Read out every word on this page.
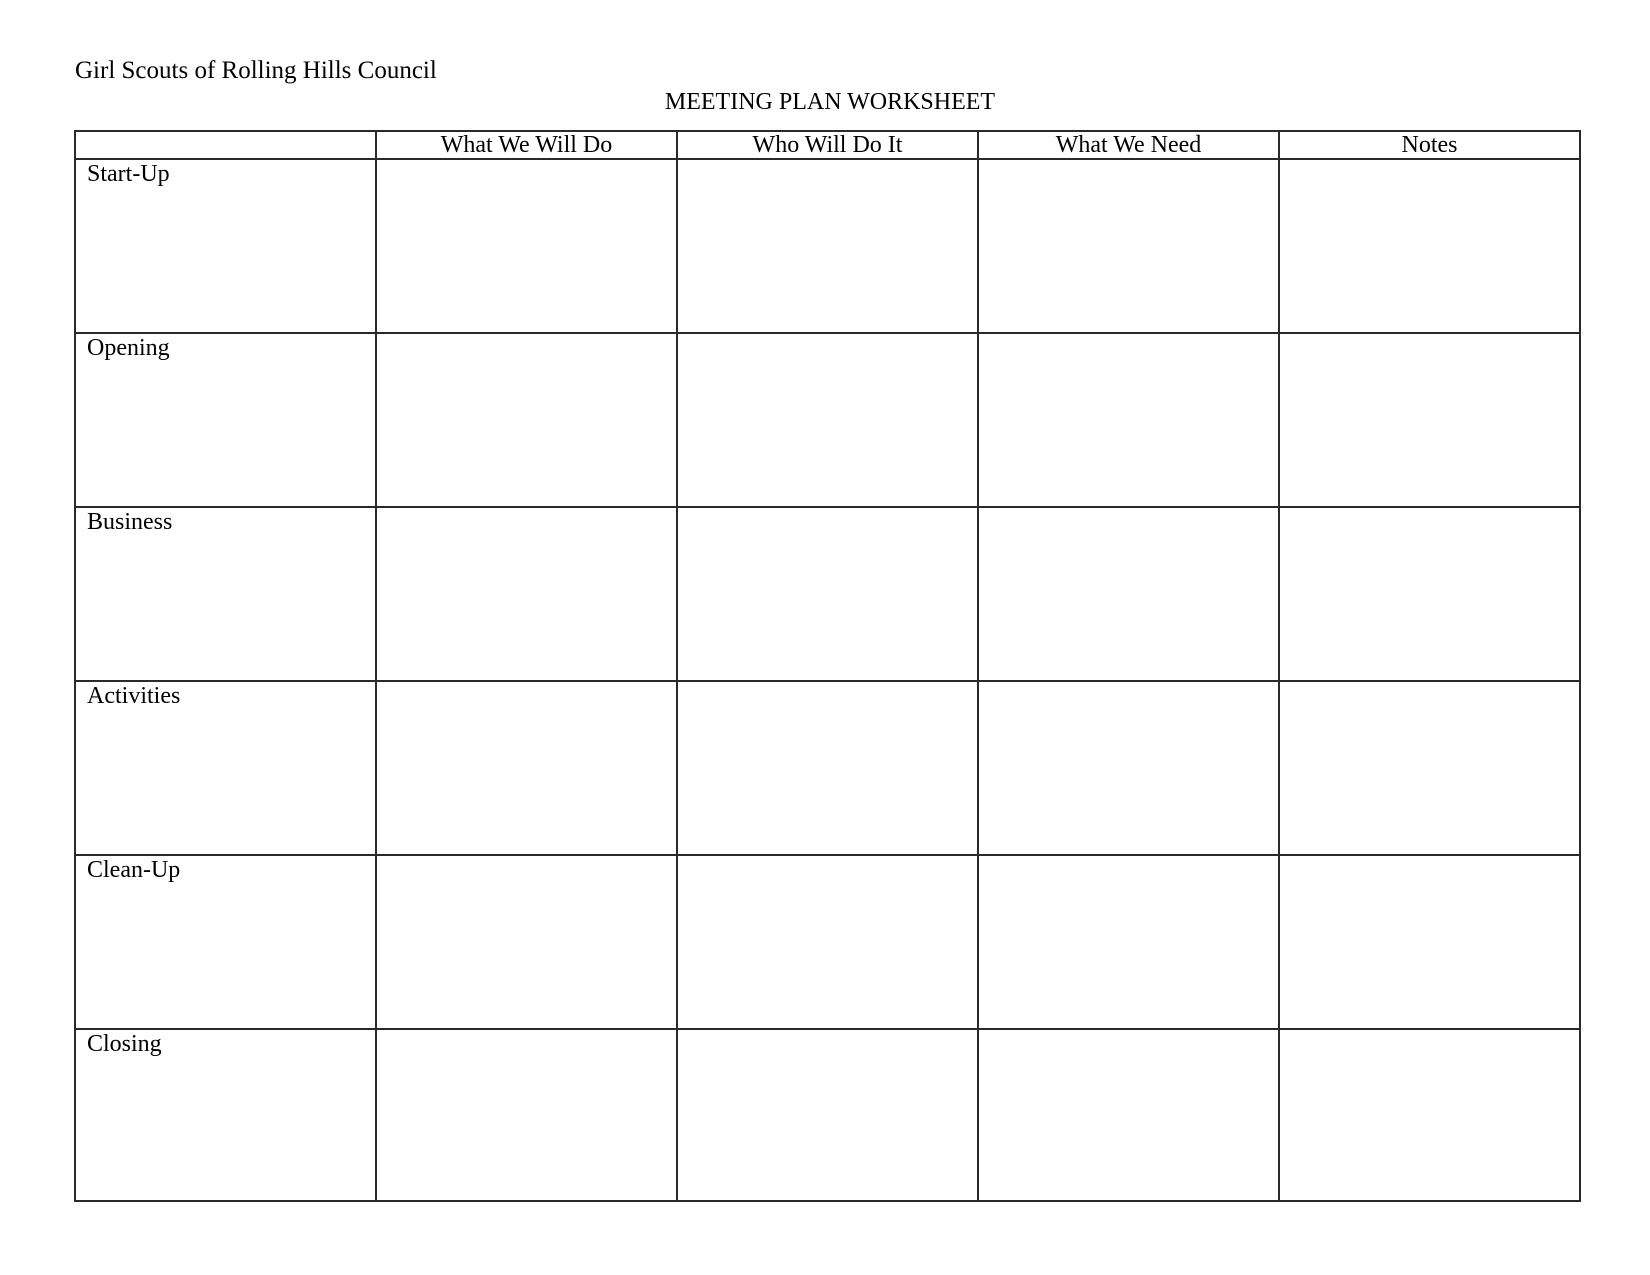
Girl Scouts of Rolling Hills Council
MEETING PLAN WORKSHEET
	What We Will Do	Who Will Do It	What We Need	Notes

Start-Up				

Opening				

Business				

Activities				

Clean-Up				

Closing				
